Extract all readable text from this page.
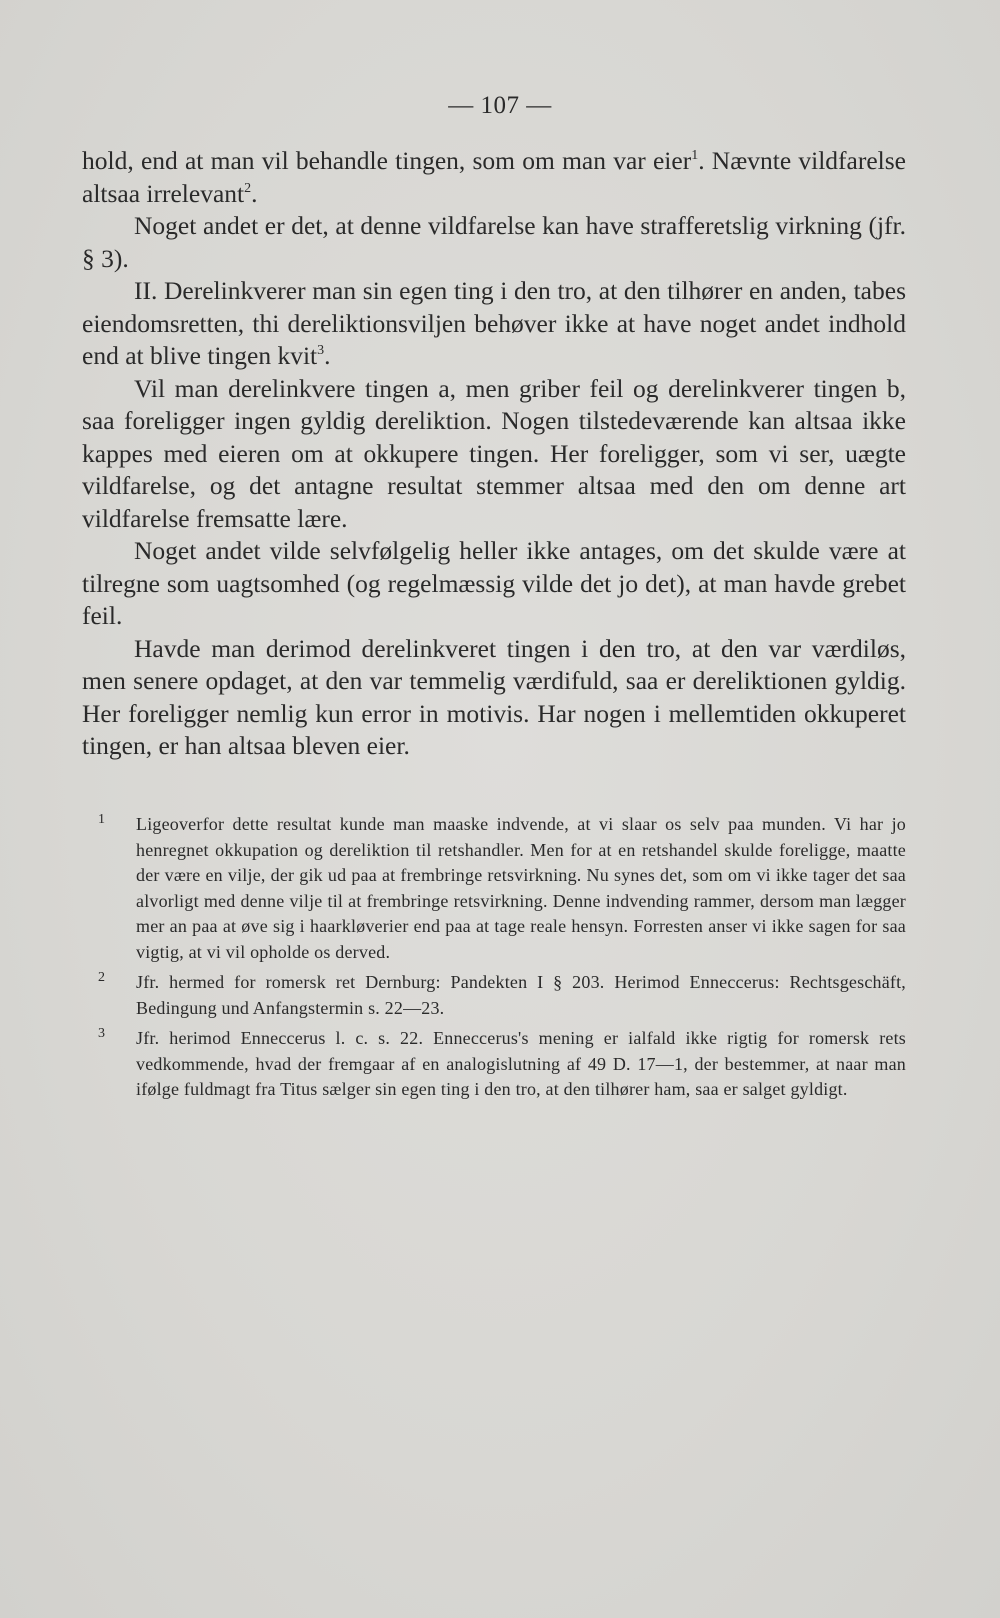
— 107 —

hold, end at man vil behandle tingen, som om man var eier$^1$. Nævnte vildfarelse altsaa irrelevant$^2$.

Noget andet er det, at denne vildfarelse kan have strafferetslig virkning (jfr. § 3).

II. Derelinkverer man sin egen ting i den tro, at den tilhører en anden, tabes eiendomsretten, thi dereliktionsviljen behøver ikke at have noget andet indhold end at blive tingen kvit$^3$.

Vil man derelinkvere tingen a, men griber feil og derelinkverer tingen b, saa foreligger ingen gyldig dereliktion. Nogen tilstedeværende kan altsaa ikke kappes med eieren om at okkupere tingen. Her foreligger, som vi ser, uægte vildfarelse, og det antagne resultat stemmer altsaa med den om denne art vildfarelse fremsatte lære.

Noget andet vilde selvfølgelig heller ikke antages, om det skulde være at tilregne som uagtsomhed (og regelmæssig vilde det jo det), at man havde grebet feil.

Havde man derimod derelinkveret tingen i den tro, at den var værdiløs, men senere opdaget, at den var temmelig værdifuld, saa er dereliktionen gyldig. Her foreligger nemlig kun error in motivis. Har nogen i mellemtiden okkuperet tingen, er han altsaa bleven eier.

1 Ligeoverfor dette resultat kunde man maaske indvende, at vi slaar os selv paa munden. Vi har jo henregnet okkupation og dereliktion til retshandler. Men for at en retshandel skulde foreligge, maatte der være en vilje, der gik ud paa at frembringe retsvirkning. Nu synes det, som om vi ikke tager det saa alvorligt med denne vilje til at frembringe retsvirkning. Denne indvending rammer, dersom man lægger mer an paa at øve sig i haarkløverier end paa at tage reale hensyn. Forresten anser vi ikke sagen for saa vigtig, at vi vil opholde os derved.
2 Jfr. hermed for romersk ret Dernburg: Pandekten I § 203. Herimod Enneccerus: Rechtsgeschäft, Bedingung und Anfangstermin s. 22—23.
3 Jfr. herimod Enneccerus l. c. s. 22. Enneccerus's mening er ialfald ikke rigtig for romersk rets vedkommende, hvad der fremgaar af en analogislutning af 49 D. 17—1, der bestemmer, at naar man ifølge fuldmagt fra Titus sælger sin egen ting i den tro, at den tilhører ham, saa er salget gyldigt.
